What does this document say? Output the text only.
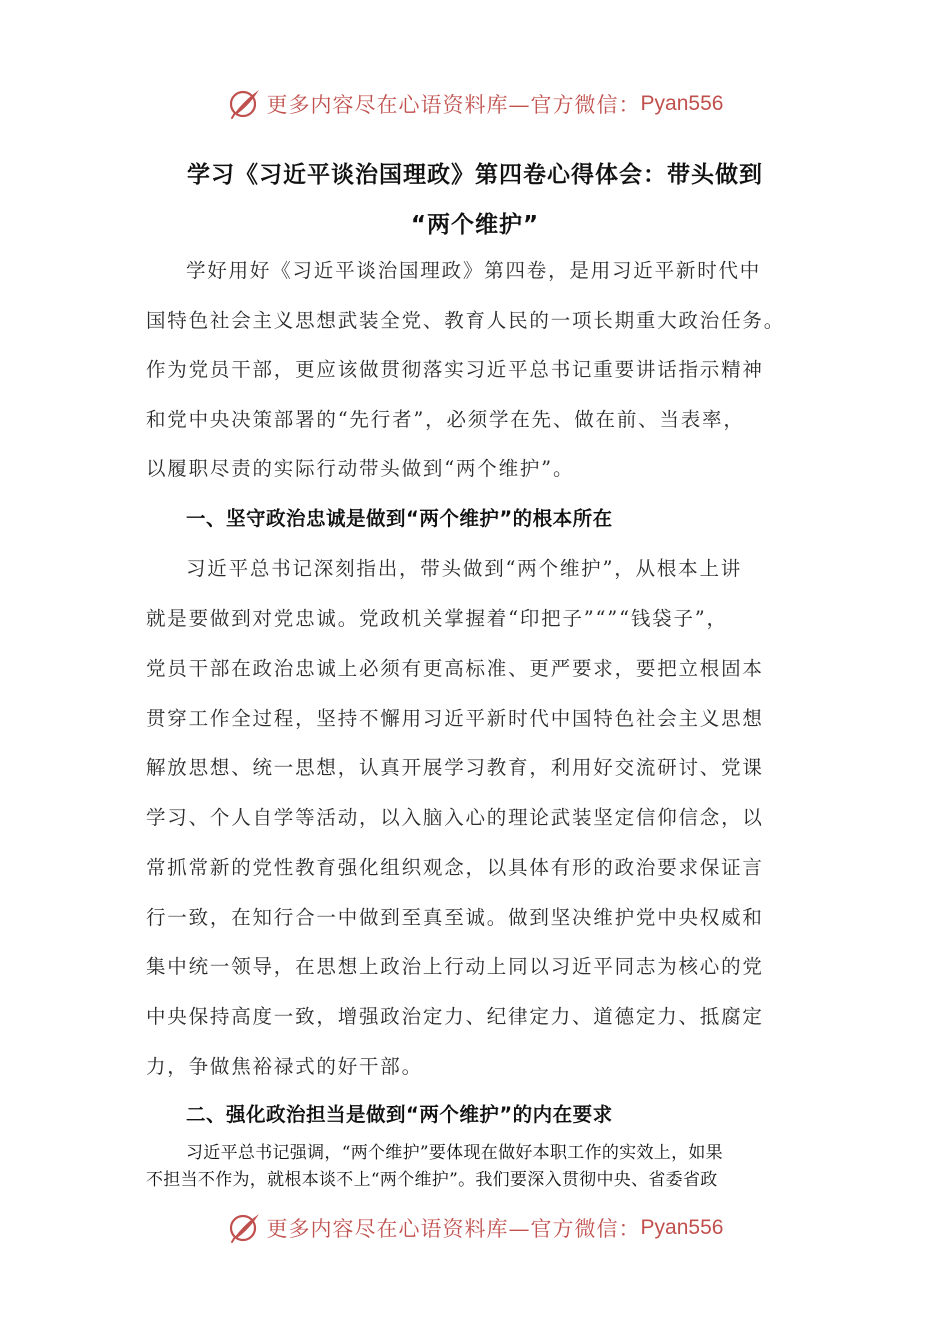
更多内容尽在心语资料库—官方微信： Pyan556
学习《习近平谈治国理政》第四卷心得体会：带头做到
“两个维护”
学好用好《习近平谈治国理政》第四卷，是用习近平新时代中
国特色社会主义思想武装全党、教育人民的一项长期重大政治任务。
作为党员干部，更应该做贯彻落实习近平总书记重要讲话指示精神
和党中央决策部署的“先行者”，必须学在先、做在前、当表率，
以履职尽责的实际行动带头做到“两个维护”。
一、坚守政治忠诚是做到“两个维护”的根本所在
习近平总书记深刻指出，带头做到“两个维护”，从根本上讲
就是要做到对党忠诚。党政机关掌握着“印把子”“”“钱袋子”，
党员干部在政治忠诚上必须有更高标准、更严要求，要把立根固本
贯穿工作全过程，坚持不懈用习近平新时代中国特色社会主义思想
解放思想、统一思想，认真开展学习教育，利用好交流研讨、党课
学习、个人自学等活动，以入脑入心的理论武装坚定信仰信念，以
常抓常新的党性教育强化组织观念，以具体有形的政治要求保证言
行一致，在知行合一中做到至真至诚。做到坚决维护党中央权威和
集中统一领导，在思想上政治上行动上同以习近平同志为核心的党
中央保持高度一致，增强政治定力、纪律定力、道德定力、抵腐定
力，争做焦裕禄式的好干部。
二、强化政治担当是做到“两个维护”的内在要求
习近平总书记强调，“两个维护”要体现在做好本职工作的实效上，如果
不担当不作为，就根本谈不上“两个维护”。我们要深入贯彻中央、省委省政
更多内容尽在心语资料库—官方微信： Pyan556
